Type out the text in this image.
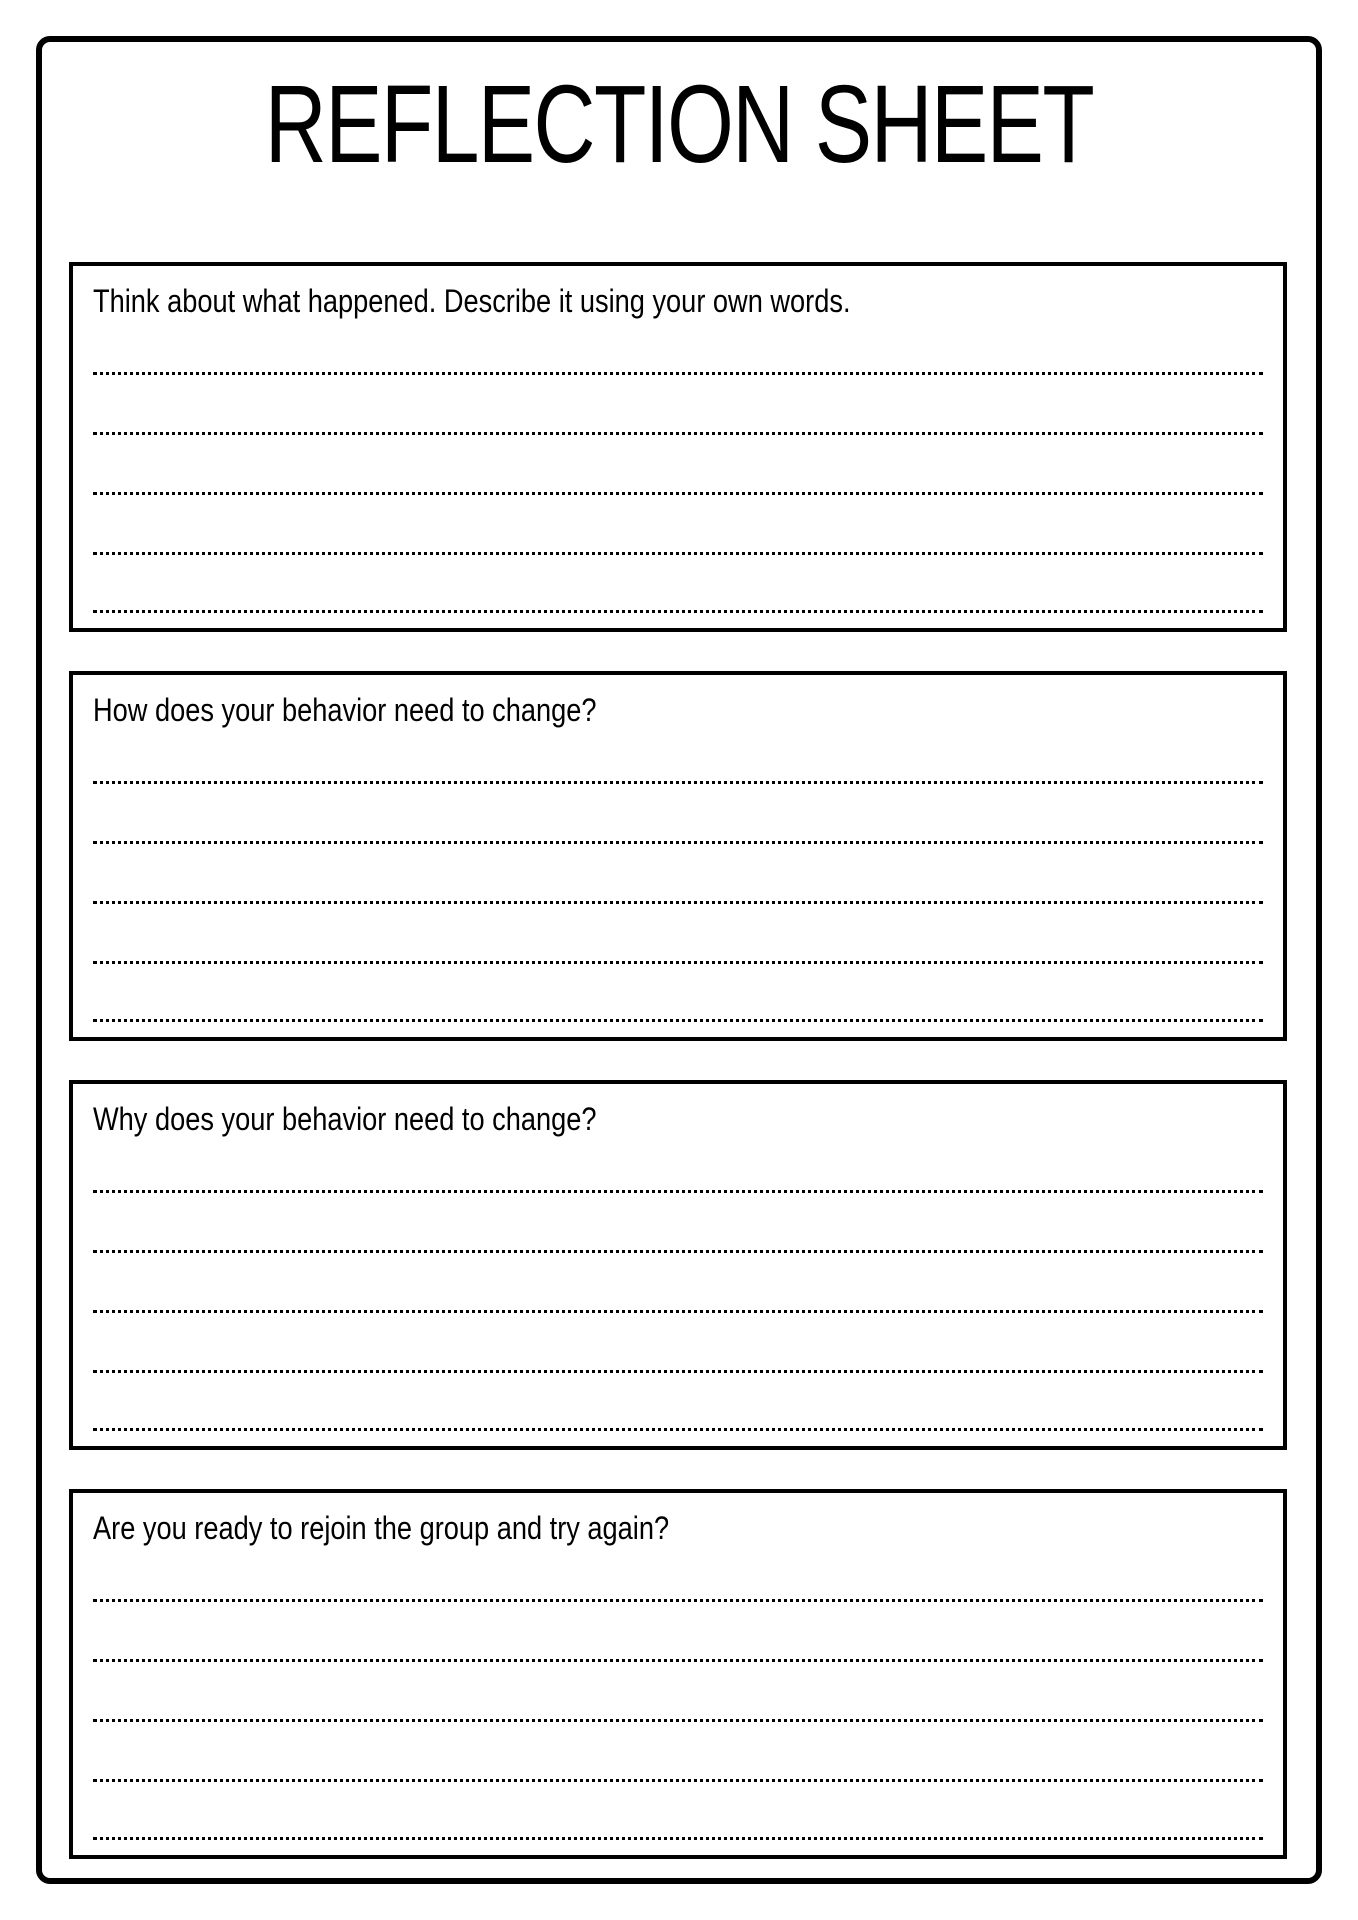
REFLECTION SHEET
Think about what happened. Describe it using your own words.
How does your behavior need to change?
Why does your behavior need to change?
Are you ready to rejoin the group and try again?
